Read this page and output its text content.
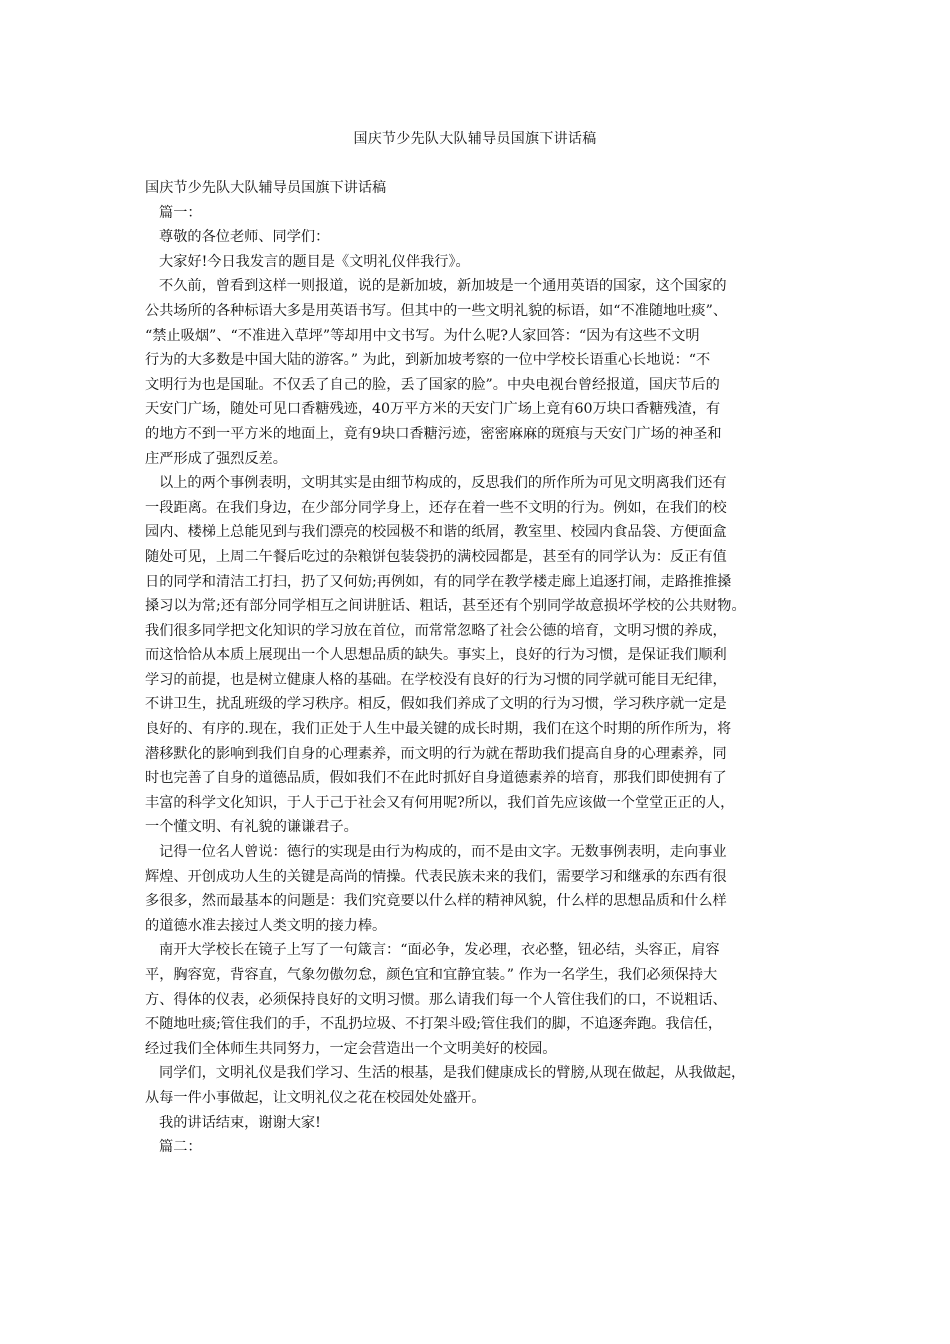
国庆节少先队大队辅导员国旗下讲话稿
国庆节少先队大队辅导员国旗下讲话稿
篇一：
尊敬的各位老师、同学们：
大家好!今日我发言的题目是《文明礼仪伴我行》。
不久前，曾看到这样一则报道，说的是新加坡，新加坡是一个通用英语的国家，这个国家的
公共场所的各种标语大多是用英语书写。但其中的一些文明礼貌的标语，如“不准随地吐痰”、
“禁止吸烟”、“不准进入草坪”等却用中文书写。为什么呢?人家回答：“因为有这些不文明
行为的大多数是中国大陆的游客。” 为此，到新加坡考察的一位中学校长语重心长地说：“不
文明行为也是国耻。不仅丢了自己的脸，丢了国家的脸”。中央电视台曾经报道，国庆节后的
天安门广场，随处可见口香糖残迹，40万平方米的天安门广场上竟有60万块口香糖残渣，有
的地方不到一平方米的地面上，竟有9块口香糖污迹，密密麻麻的斑痕与天安门广场的神圣和
庄严形成了强烈反差。
以上的两个事例表明，文明其实是由细节构成的，反思我们的所作所为可见文明离我们还有
一段距离。在我们身边，在少部分同学身上，还存在着一些不文明的行为。例如，在我们的校
园内、楼梯上总能见到与我们漂亮的校园极不和谐的纸屑，教室里、校园内食品袋、方便面盒
随处可见，上周二午餐后吃过的杂粮饼包装袋扔的满校园都是，甚至有的同学认为：反正有值
日的同学和清洁工打扫，扔了又何妨;再例如，有的同学在教学楼走廊上追逐打闹，走路推推搡
搡习以为常;还有部分同学相互之间讲脏话、粗话，甚至还有个别同学故意损坏学校的公共财物。
我们很多同学把文化知识的学习放在首位，而常常忽略了社会公德的培育，文明习惯的养成，
而这恰恰从本质上展现出一个人思想品质的缺失。事实上，良好的行为习惯，是保证我们顺利
学习的前提，也是树立健康人格的基础。在学校没有良好的行为习惯的同学就可能目无纪律，
不讲卫生，扰乱班级的学习秩序。相反，假如我们养成了文明的行为习惯，学习秩序就一定是
良好的、有序的.现在，我们正处于人生中最关键的成长时期，我们在这个时期的所作所为，将
潜移默化的影响到我们自身的心理素养，而文明的行为就在帮助我们提高自身的心理素养，同
时也完善了自身的道德品质，假如我们不在此时抓好自身道德素养的培育，那我们即使拥有了
丰富的科学文化知识，于人于己于社会又有何用呢?所以，我们首先应该做一个堂堂正正的人，
一个懂文明、有礼貌的谦谦君子。
记得一位名人曾说：德行的实现是由行为构成的，而不是由文字。无数事例表明，走向事业
辉煌、开创成功人生的关键是高尚的情操。代表民族未来的我们，需要学习和继承的东西有很
多很多，然而最基本的问题是：我们究竟要以什么样的精神风貌，什么样的思想品质和什么样
的道德水准去接过人类文明的接力棒。
南开大学校长在镜子上写了一句箴言：“面必争，发必理，衣必整，钮必结，头容正，肩容
平，胸容宽，背容直，气象勿傲勿怠，颜色宜和宜静宜装。” 作为一名学生，我们必须保持大
方、得体的仪表，必须保持良好的文明习惯。那么请我们每一个人管住我们的口，不说粗话、
不随地吐痰;管住我们的手，不乱扔垃圾、不打架斗殴;管住我们的脚，不追逐奔跑。我信任，
经过我们全体师生共同努力，一定会营造出一个文明美好的校园。
同学们，文明礼仪是我们学习、生活的根基，是我们健康成长的臂膀,从现在做起，从我做起，
从每一件小事做起，让文明礼仪之花在校园处处盛开。
我的讲话结束，谢谢大家!
篇二：
